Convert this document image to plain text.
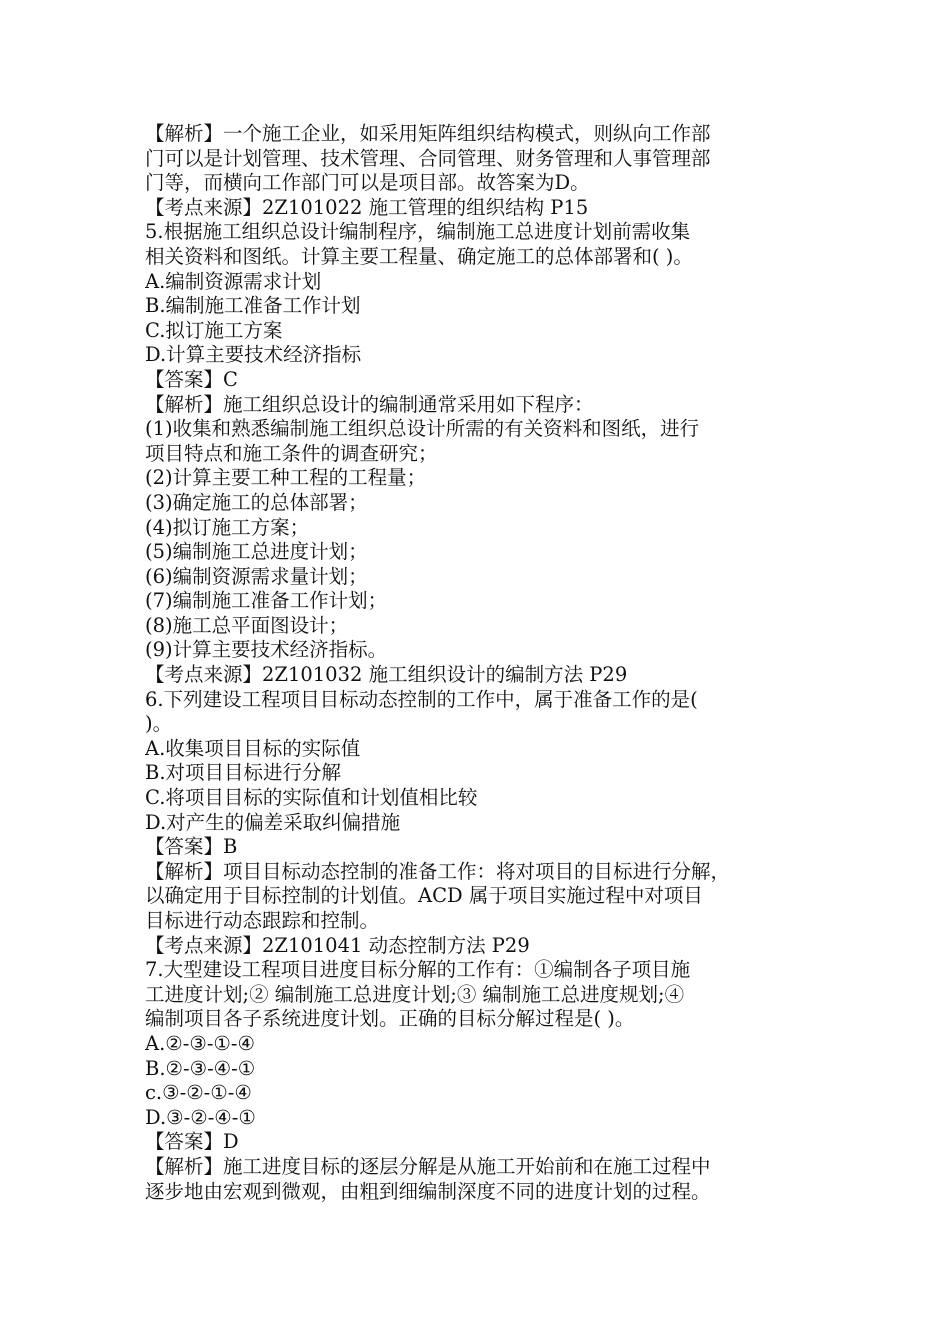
【解析】一个施工企业，如采用矩阵组织结构模式，则纵向工作部
门可以是计划管理、技术管理、合同管理、财务管理和人事管理部
门等，而横向工作部门可以是项目部。故答案为D。
【考点来源】2Z101022 施工管理的组织结构 P15
5.根据施工组织总设计编制程序，编制施工总进度计划前需收集
相关资料和图纸。计算主要工程量、确定施工的总体部署和( )。
A.编制资源需求计划
B.编制施工准备工作计划
C.拟订施工方案
D.计算主要技术经济指标
【答案】C
【解析】施工组织总设计的编制通常采用如下程序：
(1)收集和熟悉编制施工组织总设计所需的有关资料和图纸，进行
项目特点和施工条件的调查研究；
(2)计算主要工种工程的工程量；
(3)确定施工的总体部署；
(4)拟订施工方案；
(5)编制施工总进度计划；
(6)编制资源需求量计划；
(7)编制施工准备工作计划；
(8)施工总平面图设计；
(9)计算主要技术经济指标。
【考点来源】2Z101032 施工组织设计的编制方法 P29
6.下列建设工程项目目标动态控制的工作中，属于准备工作的是(
)。
A.收集项目目标的实际值
B.对项目目标进行分解
C.将项目目标的实际值和计划值相比较
D.对产生的偏差采取纠偏措施
【答案】B
【解析】项目目标动态控制的准备工作：将对项目的目标进行分解，
以确定用于目标控制的计划值。ACD 属于项目实施过程中对项目
目标进行动态跟踪和控制。
【考点来源】2Z101041 动态控制方法 P29
7.大型建设工程项目进度目标分解的工作有：①编制各子项目施
工进度计划;② 编制施工总进度计划;③ 编制施工总进度规划;④
编制项目各子系统进度计划。正确的目标分解过程是( )。
A.②-③-①-④
B.②-③-④-①
c.③-②-①-④
D.③-②-④-①
【答案】D
【解析】施工进度目标的逐层分解是从施工开始前和在施工过程中
逐步地由宏观到微观，由粗到细编制深度不同的进度计划的过程。
